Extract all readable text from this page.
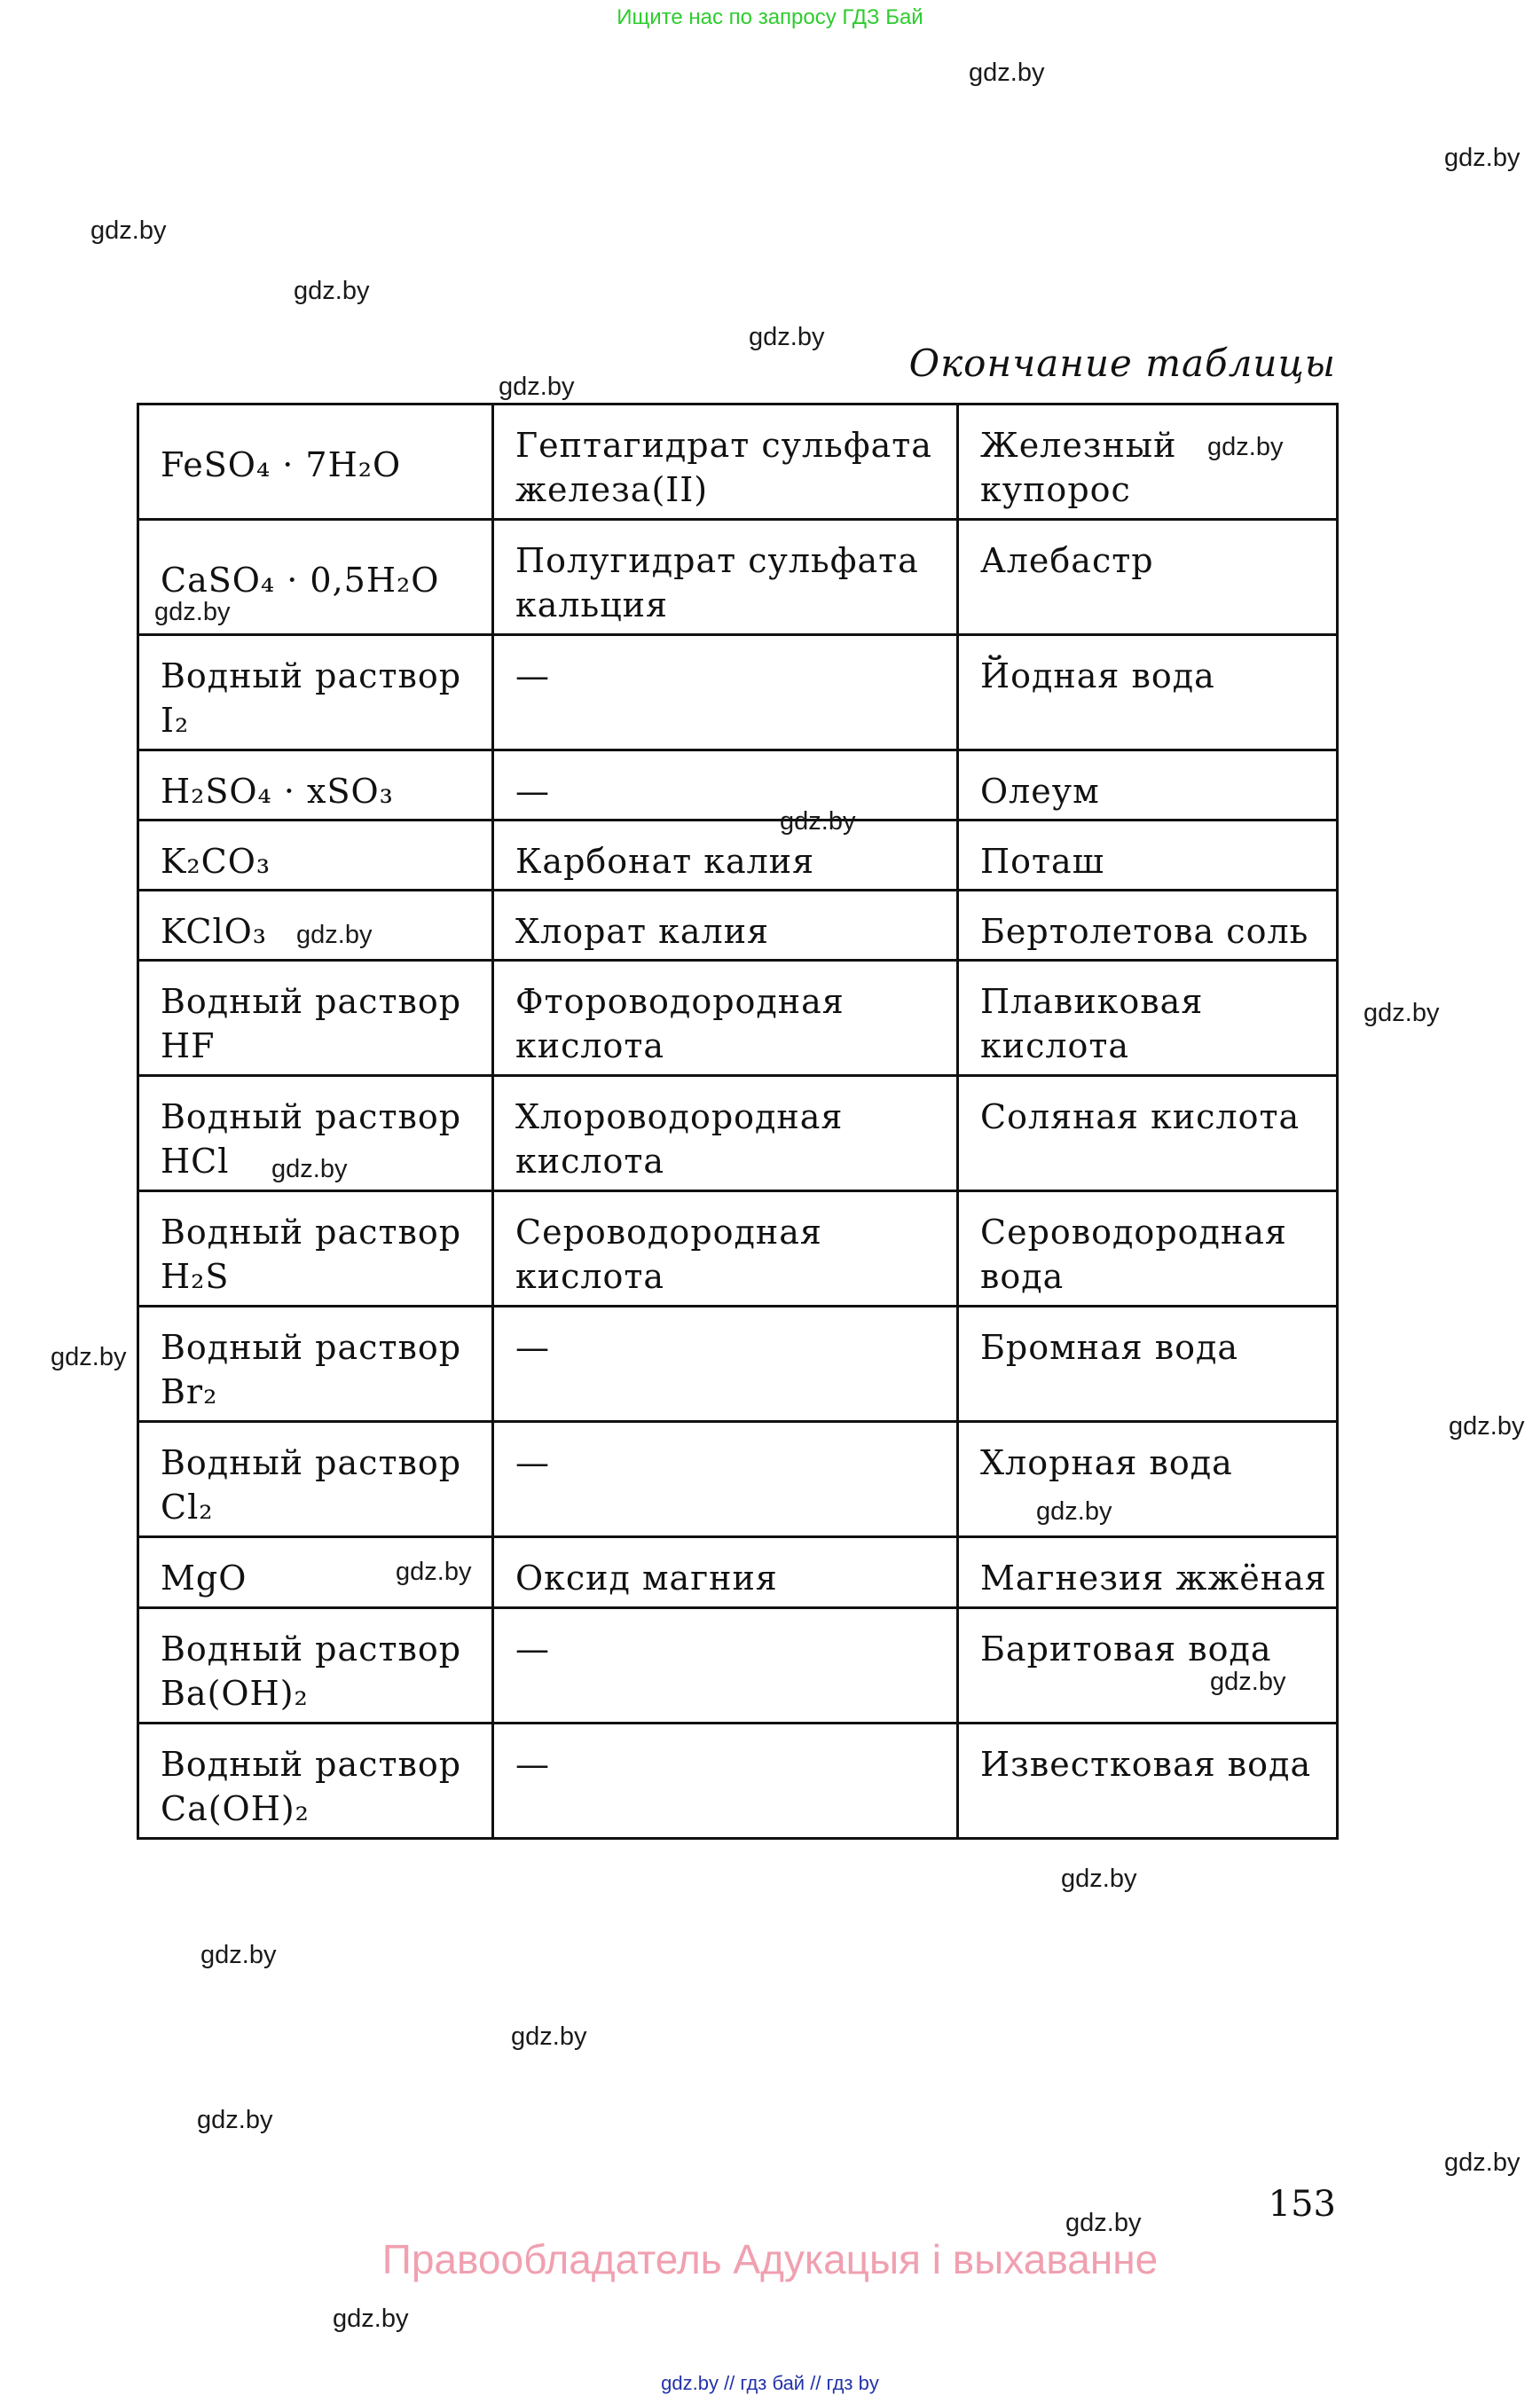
Ищите нас по запросу ГДЗ Бай
gdz.by
gdz.by
gdz.by
gdz.by
gdz.by
gdz.by
gdz.by
gdz.by
gdz.by
gdz.by
gdz.by
gdz.by
gdz.by
gdz.by
gdz.by
gdz.by
gdz.by
gdz.by
gdz.by
gdz.by
gdz.by
gdz.by
gdz.by
gdz.by
Окончание таблицы
FeSO₄ · 7H₂O	Гептагидрат сульфата железа(II)	Железный купорос
CaSO₄ · 0,5H₂O	Полугидрат сульфата кальция	Алебастр
Водный раствор I₂	—	Йодная вода
H₂SO₄ · xSO₃	—	Олеум
K₂CO₃	Карбонат калия	Поташ
KClO₃	Хлорат калия	Бертолетова соль
Водный раствор HF	Фтороводородная кислота	Плавиковая кислота
Водный раствор HCl	Хлороводородная кислота	Соляная кислота
Водный раствор H₂S	Сероводородная кислота	Сероводородная вода
Водный раствор Br₂	—	Бромная вода
Водный раствор Cl₂	—	Хлорная вода
MgO	Оксид магния	Магнезия жжёная
Водный раствор Ba(OH)₂	—	Баритовая вода
Водный раствор Ca(OH)₂	—	Известковая вода
153
Правообладатель Адукацыя і выхаванне
gdz.by // гдз бай // гдз by
